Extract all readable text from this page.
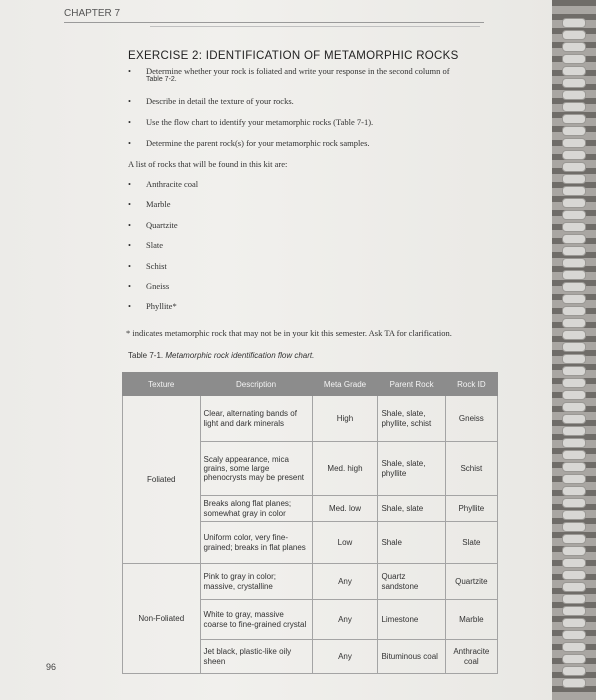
CHAPTER 7
EXERCISE 2: IDENTIFICATION OF METAMORPHIC ROCKS
• Determine whether your rock is foliated and write your response in the second column of
Table 7-2.
• Describe in detail the texture of your rocks.
• Use the flow chart to identify your metamorphic rocks (Table 7-1).
• Determine the parent rock(s) for your metamorphic rock samples.
A list of rocks that will be found in this kit are:
• Anthracite coal
• Marble
• Quartzite
• Slate
• Schist
• Gneiss
• Phyllite*
* indicates metamorphic rock that may not be in your kit this semester. Ask TA for clarification.
Table 7-1. Metamorphic rock identification flow chart.
Texture	Description	Meta Grade	Parent Rock	Rock ID
Foliated	Clear, alternating bands of light and dark minerals	High	Shale, slate, phyllite, schist	Gneiss
	Scaly appearance, mica grains, some large phenocrysts may be present	Med. high	Shale, slate, phyllite	Schist
	Breaks along flat planes; somewhat gray in color	Med. low	Shale, slate	Phyllite
	Uniform color, very fine-grained; breaks in flat planes	Low	Shale	Slate
Non-Foliated	Pink to gray in color; massive, crystalline	Any	Quartz sandstone	Quartzite
	White to gray, massive coarse to fine-grained crystal	Any	Limestone	Marble
	Jet black, plastic-like oily sheen	Any	Bituminous coal	Anthracite coal
96
